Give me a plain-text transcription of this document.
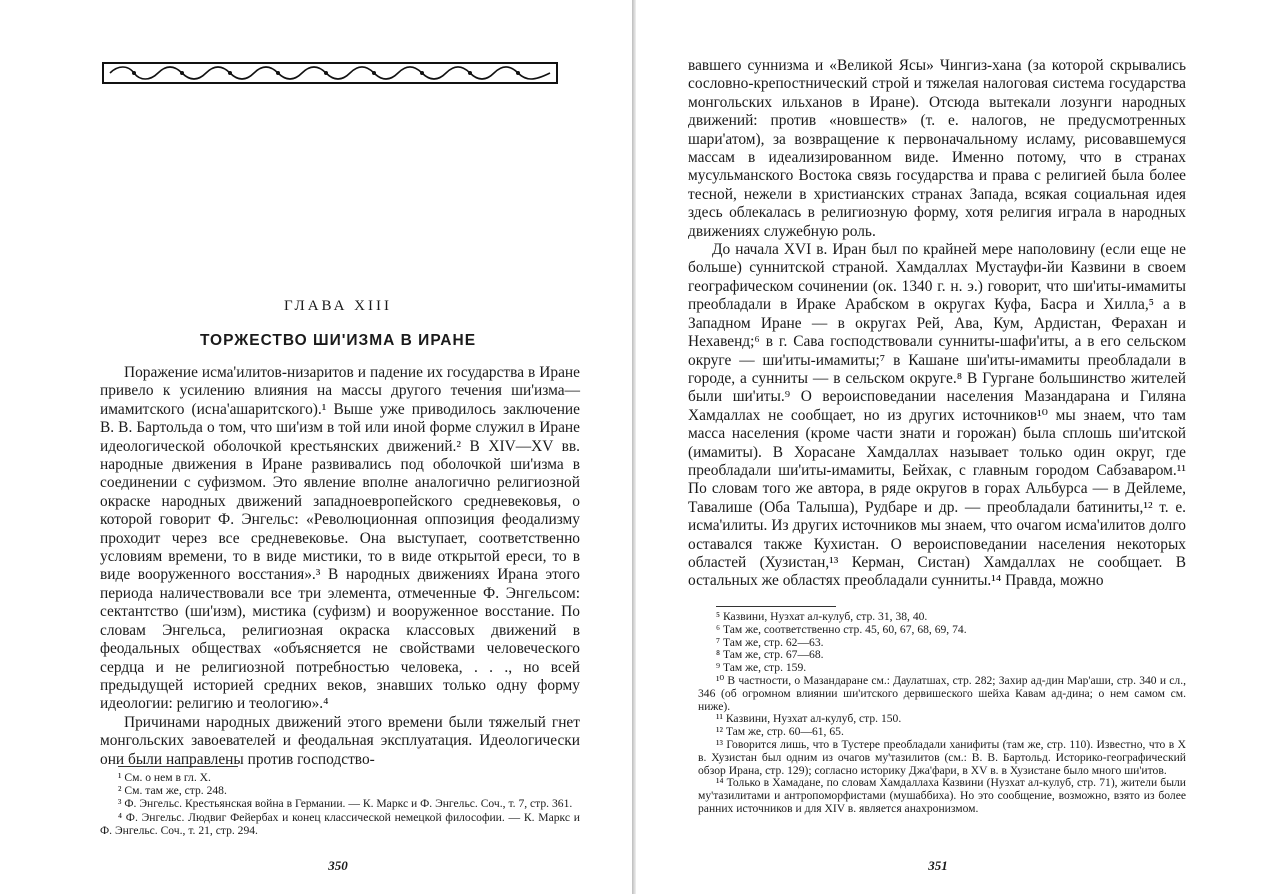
ГЛАВА XIII
ТОРЖЕСТВО ШИ'ИЗМА В ИРАНЕ

Поражение исма'илитов-низаритов и падение их государства в Иране привело к усилению влияния на массы другого течения ши'изма—имамитского (исна'ашаритского).¹ Выше уже приводилось заключение В. В. Бартольда о том, что ши'изм в той или иной форме служил в Иране идеологической оболочкой крестьянских движений.² В XIV—XV вв. народные движения в Иране развивались под оболочкой ши'изма в соединении с суфизмом. Это явление вполне аналогично религиозной окраске народных движений западноевропейского средневековья, о которой говорит Ф. Энгельс: «Революционная оппозиция феодализму проходит через все средневековье. Она выступает, соответственно условиям времени, то в виде мистики, то в виде открытой ереси, то в виде вооруженного восстания».³ В народных движениях Ирана этого периода наличествовали все три элемента, отмеченные Ф. Энгельсом: сектантство (ши'изм), мистика (суфизм) и вооруженное восстание. По словам Энгельса, религиозная окраска классовых движений в феодальных обществах «объясняется не свойствами человеческого сердца и не религиозной потребностью человека, . . ., но всей предыдущей историей средних веков, знавших только одну форму идеологии: религию и теологию».⁴

Причинами народных движений этого времени были тяжелый гнет монгольских завоевателей и феодальная эксплуатация. Идеологически они были направлены против господство-

¹ См. о нем в гл. X.

² См. там же, стр. 248.

³ Ф. Энгельс. Крестьянская война в Германии. — К. Маркс и Ф. Энгельс. Соч., т. 7, стр. 361.

⁴ Ф. Энгельс. Людвиг Фейербах и конец классической немецкой философии. — К. Маркс и Ф. Энгельс. Соч., т. 21, стр. 294.

350

вавшего суннизма и «Великой Ясы» Чингиз-хана (за которой скрывались сословно-крепостнический строй и тяжелая налоговая система государства монгольских ильханов в Иране). Отсюда вытекали лозунги народных движений: против «новшеств» (т. е. налогов, не предусмотренных шари'атом), за возвращение к первоначальному исламу, рисовавшемуся массам в идеализированном виде. Именно потому, что в странах мусульманского Востока связь государства и права с религией была более тесной, нежели в христианских странах Запада, всякая социальная идея здесь облекалась в религиозную форму, хотя религия играла в народных движениях служебную роль.

До начала XVI в. Иран был по крайней мере наполовину (если еще не больше) суннитской страной. Хамдаллах Мустауфи-йи Казвини в своем географическом сочинении (ок. 1340 г. н. э.) говорит, что ши'иты-имамиты преобладали в Ираке Арабском в округах Куфа, Басра и Хилла,⁵ а в Западном Иране — в округах Рей, Ава, Кум, Ардистан, Ферахан и Нехавенд;⁶ в г. Сава господствовали сунниты-шафи'иты, а в его сельском округе — ши'иты-имамиты;⁷ в Кашане ши'иты-имамиты преобладали в городе, а сунниты — в сельском округе.⁸ В Гургане большинство жителей были ши'иты.⁹ О вероисповедании населения Мазандарана и Гиляна Хамдаллах не сообщает, но из других источников¹⁰ мы знаем, что там масса населения (кроме части знати и горожан) была сплошь ши'итской (имамиты). В Хорасане Хамдаллах называет только один округ, где преобладали ши'иты-имамиты, Бейхак, с главным городом Сабзаваром.¹¹ По словам того же автора, в ряде округов в горах Альбурса — в Дейлеме, Тавалише (Оба Талыша), Рудбаре и др. — преобладали батиниты,¹² т. е. исма'илиты. Из других источников мы знаем, что очагом исма'илитов долго оставался также Кухистан. О вероисповедании населения некоторых областей (Хузистан,¹³ Керман, Систан) Хамдаллах не сообщает. В остальных же областях преобладали сунниты.¹⁴ Правда, можно

⁵ Казвини, Нузхат ал-кулуб, стр. 31, 38, 40.

⁶ Там же, соответственно стр. 45, 60, 67, 68, 69, 74.

⁷ Там же, стр. 62—63.

⁸ Там же, стр. 67—68.

⁹ Там же, стр. 159.

¹⁰ В частности, о Мазандаране см.: Даулатшах, стр. 282; Захир ад-дин Мар'аши, стр. 340 и сл., 346 (об огромном влиянии ши'итского дервишеского шейха Кавам ад-дина; о нем самом см. ниже).

¹¹ Казвини, Нузхат ал-кулуб, стр. 150.

¹² Там же, стр. 60—61, 65.

¹³ Говорится лишь, что в Тустере преобладали ханифиты (там же, стр. 110). Известно, что в X в. Хузистан был одним из очагов му'тазилитов (см.: В. В. Бартольд. Историко-географический обзор Ирана, стр. 129); согласно историку Джа'фари, в XV в. в Хузистане было много ши'итов.

¹⁴ Только в Хамадане, по словам Хамдаллаха Казвини (Нузхат ал-кулуб, стр. 71), жители были му'тазилитами и антропоморфистами (мушаббиха). Но это сообщение, возможно, взято из более ранних источников и для XIV в. является анахронизмом.

351
